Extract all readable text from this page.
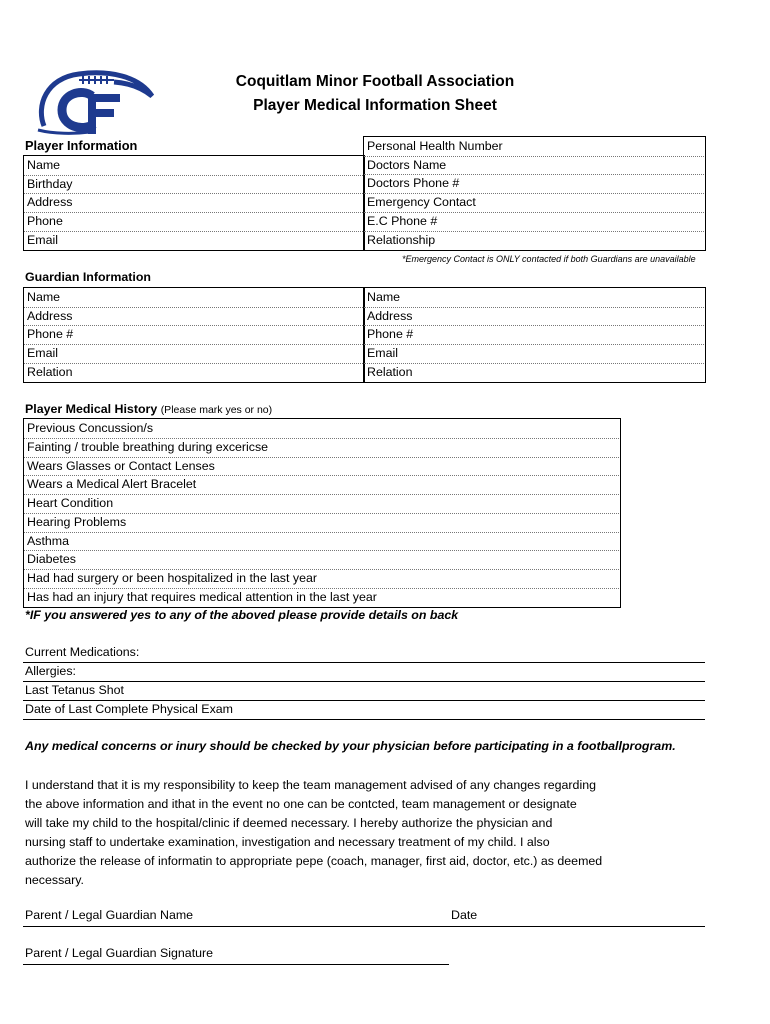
Coquitlam Minor Football Association
Player Medical Information Sheet
Player Information
Name
Birthday
Address
Phone
Email
Personal Health Number
Doctors Name
Doctors Phone #
Emergency Contact
E.C Phone #
Relationship
*Emergency Contact is ONLY contacted if both Guardians are unavailable
Guardian Information
Name
Address
Phone #
Email
Relation
Name
Address
Phone #
Email
Relation
Player Medical History (Please mark yes or no)
Previous Concussion/s
Fainting / trouble breathing during excericse
Wears Glasses or Contact Lenses
Wears a Medical Alert Bracelet
Heart Condition
Hearing Problems
Asthma
Diabetes
Had had surgery or been hospitalized in the last year
Has had an injury that requires medical attention in the last year
*IF you answered yes to any of the aboved please provide details on back
Current Medications:
Allergies:
Last Tetanus Shot
Date of Last Complete Physical Exam
Any medical concerns or inury should be checked by your physician before participating in a footballprogram.
I understand that it is my responsibility to keep the team management advised of any changes regarding
the above information and ithat in the event no one can be contcted, team management or designate
will take my child to the hospital/clinic if deemed necessary. I hereby authorize the physician and
nursing staff to undertake examination, investigation and necessary treatment of my child. I also
authorize the release of informatin to appropriate pepe (coach, manager, first aid, doctor, etc.) as deemed
necessary.
Parent / Legal Guardian Name	Date
Parent / Legal Guardian Signature
